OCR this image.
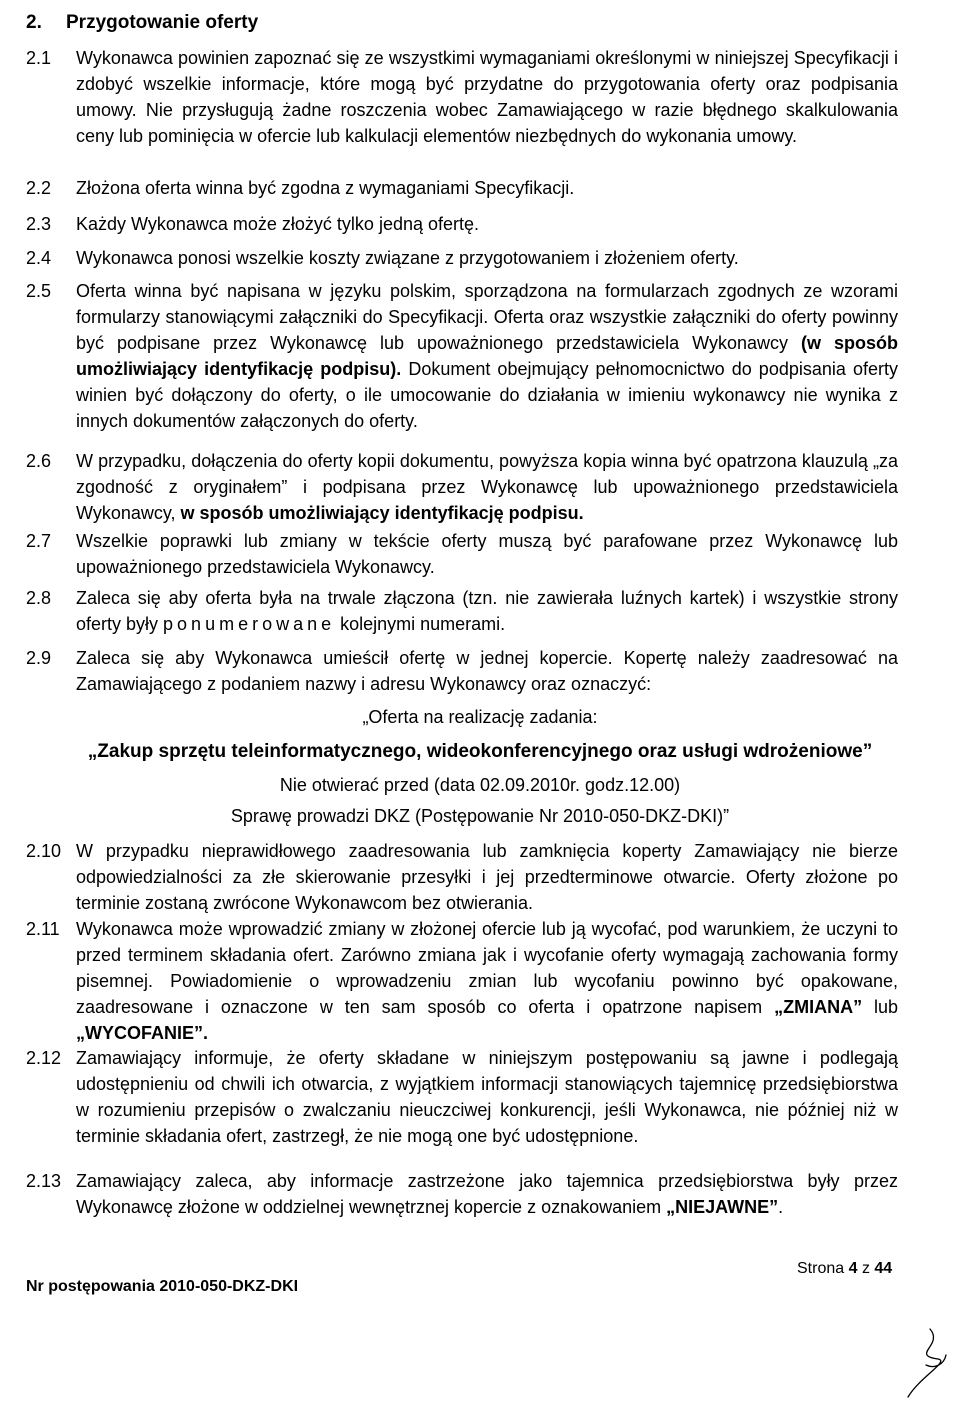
2. Przygotowanie oferty
2.1	Wykonawca powinien zapoznać się ze wszystkimi wymaganiami określonymi w niniejszej Specyfikacji i zdobyć wszelkie informacje, które mogą być przydatne do przygotowania oferty oraz podpisania umowy. Nie przysługują żadne roszczenia wobec Zamawiającego w razie błędnego skalkulowania ceny lub pominięcia w ofercie lub kalkulacji elementów niezbędnych do wykonania umowy.
2.2	Złożona oferta winna być zgodna z wymaganiami Specyfikacji.
2.3	Każdy Wykonawca może złożyć tylko jedną ofertę.
2.4	Wykonawca ponosi wszelkie koszty związane z przygotowaniem i złożeniem oferty.
2.5	Oferta winna być napisana w języku polskim, sporządzona na formularzach zgodnych ze wzorami formularzy stanowiącymi załączniki do Specyfikacji. Oferta oraz wszystkie załączniki do oferty powinny być podpisane przez Wykonawcę lub upoważnionego przedstawiciela Wykonawcy (w sposób umożliwiający identyfikację podpisu). Dokument obejmujący pełnomocnictwo do podpisania oferty winien być dołączony do oferty, o ile umocowanie do działania w imieniu wykonawcy nie wynika z innych dokumentów załączonych do oferty.
2.6	W przypadku, dołączenia do oferty kopii dokumentu, powyższa kopia winna być opatrzona klauzulą „za zgodność z oryginałem” i podpisana przez Wykonawcę lub upoważnionego przedstawiciela Wykonawcy, w sposób umożliwiający identyfikację podpisu.
2.7	Wszelkie poprawki lub zmiany w tekście oferty muszą być parafowane przez Wykonawcę lub upoważnionego przedstawiciela Wykonawcy.
2.8	Zaleca się aby oferta była na trwale złączona (tzn. nie zawierała luźnych kartek) i wszystkie strony oferty były ponumerowane kolejnymi numerami.
2.9	Zaleca się aby Wykonawca umieścił ofertę w jednej kopercie. Kopertę należy zaadresować na Zamawiającego z podaniem nazwy i adresu Wykonawcy oraz oznaczyć:
„Oferta na realizację zadania:
„Zakup sprzętu teleinformatycznego, wideokonferencyjnego oraz usługi wdrożeniowe”
Nie otwierać przed (data 02.09.2010r. godz.12.00)
Sprawę prowadzi DKZ (Postępowanie Nr 2010-050-DKZ-DKI)”
2.10 W przypadku nieprawidłowego zaadresowania lub zamknięcia koperty Zamawiający nie bierze odpowiedzialności za złe skierowanie przesyłki i jej przedterminowe otwarcie. Oferty złożone po terminie zostaną zwrócone Wykonawcom bez otwierania.
2.11 Wykonawca może wprowadzić zmiany w złożonej ofercie lub ją wycofać, pod warunkiem, że uczyni to przed terminem składania ofert. Zarówno zmiana jak i wycofanie oferty wymagają zachowania formy pisemnej. Powiadomienie o wprowadzeniu zmian lub wycofaniu powinno być opakowane, zaadresowane i oznaczone w ten sam sposób co oferta i opatrzone napisem „ZMIANA” lub „WYCOFANIE”.
2.12 Zamawiający informuje, że oferty składane w niniejszym postępowaniu są jawne i podlegają udostępnieniu od chwili ich otwarcia, z wyjątkiem informacji stanowiących tajemnicę przedsiębiorstwa w rozumieniu przepisów o zwalczaniu nieuczciwej konkurencji, jeśli Wykonawca, nie później niż w terminie składania ofert, zastrzegł, że nie mogą one być udostępnione.
2.13 Zamawiający zaleca, aby informacje zastrzeżone jako tajemnica przedsiębiorstwa były przez Wykonawcę złożone w oddzielnej wewnętrznej kopercie z oznakowaniem „NIEJAWNE”.
Nr postępowania 2010-050-DKZ-DKI
Strona 4 z 44
